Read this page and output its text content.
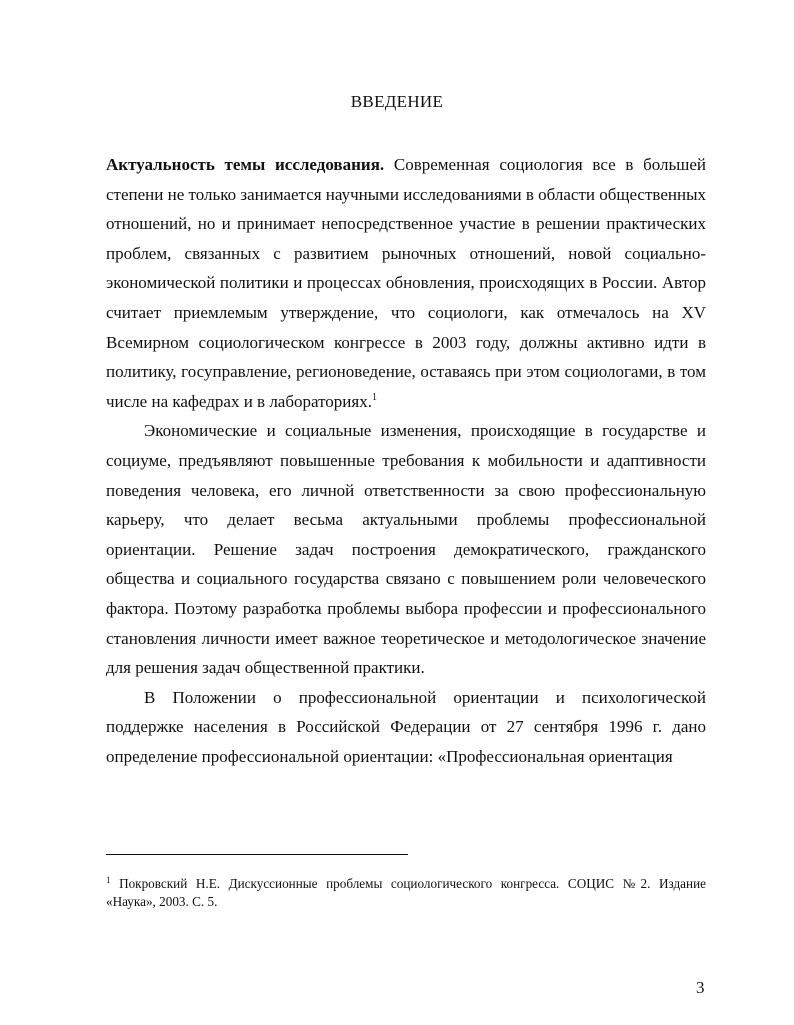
ВВЕДЕНИЕ

Актуальность темы исследования. Современная социология все в большей степени не только занимается научными исследованиями в области общественных отношений, но и принимает непосредственное участие в решении практических проблем, связанных с развитием рыночных отношений, новой социально-экономической политики и процессах обновления, происходящих в России. Автор считает приемлемым утверждение, что социологи, как отмечалось на XV Всемирном социологическом конгрессе в 2003 году, должны активно идти в политику, госуправление, регионоведение, оставаясь при этом социологами, в том числе на кафедрах и в лабораториях.$^1$

Экономические и социальные изменения, происходящие в государстве и социуме, предъявляют повышенные требования к мобильности и адаптивности поведения человека, его личной ответственности за свою профессиональную карьеру, что делает весьма актуальными проблемы профессиональной ориентации. Решение задач построения демократического, гражданского общества и социального государства связано с повышением роли человеческого фактора. Поэтому разработка проблемы выбора профессии и профессионального становления личности имеет важное теоретическое и методологическое значение для решения задач общественной практики.

В Положении о профессиональной ориентации и психологической поддержке населения в Российской Федерации от 27 сентября 1996 г. дано определение профессиональной ориентации: «Профессиональная ориентация

$^1$ Покровский Н.Е. Дискуссионные проблемы социологического конгресса. СОЦИС №2. Издание «Наука», 2003. С. 5.
3
